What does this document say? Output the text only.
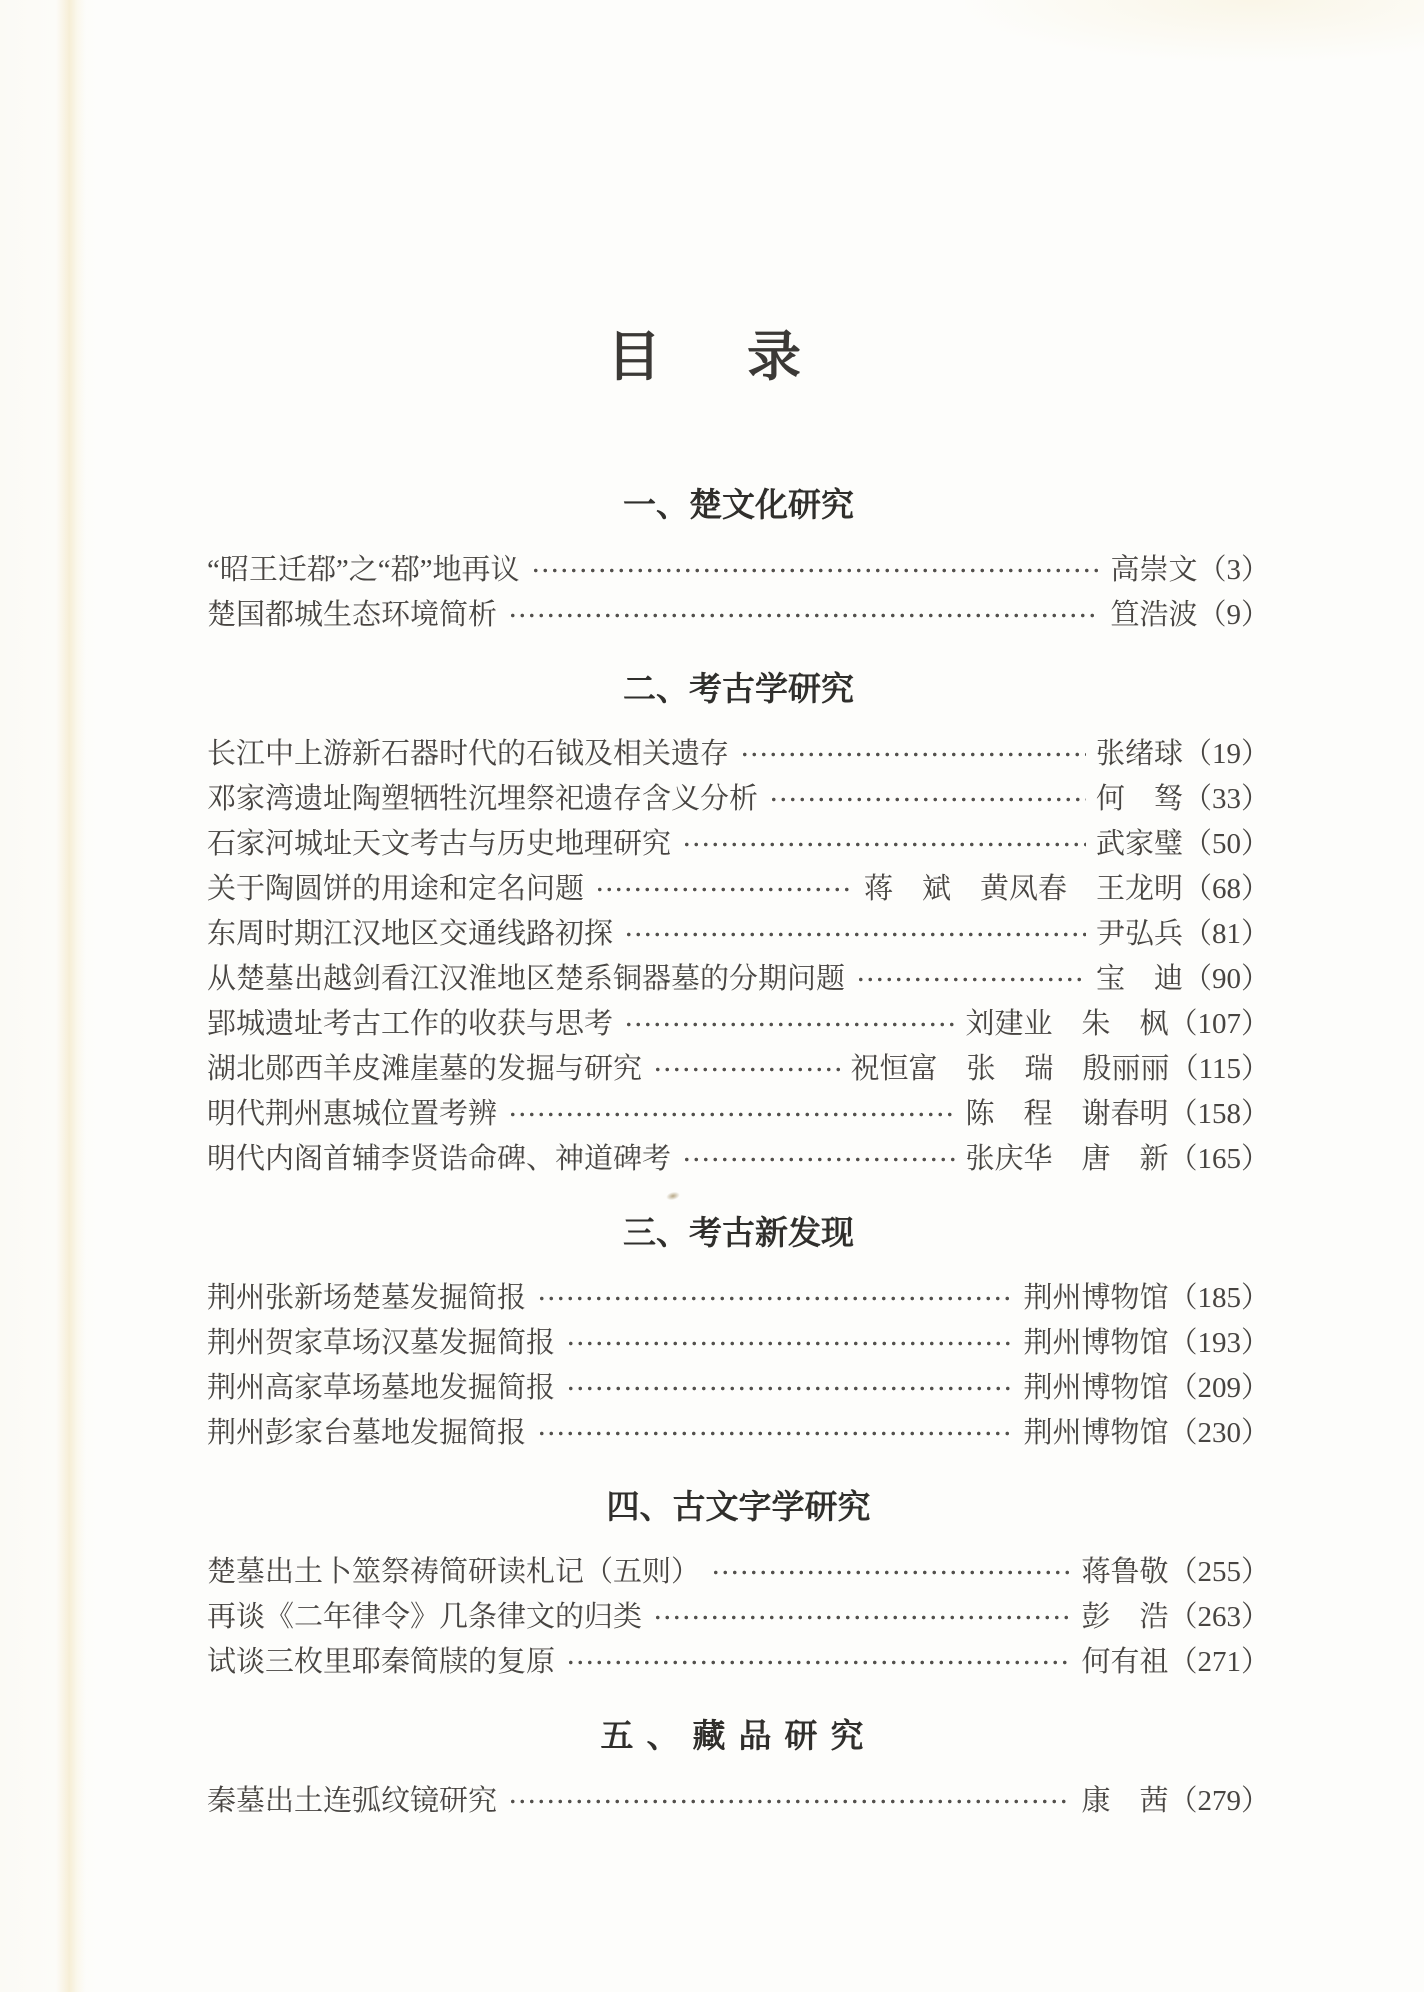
目　录
一、楚文化研究
“昭王迁鄀”之“鄀”地再议	高崇文 （3）
楚国都城生态环境简析	笪浩波 （9）
二、考古学研究
长江中上游新石器时代的石钺及相关遗存	张绪球 （19）
邓家湾遗址陶塑牺牲沉埋祭祀遗存含义分析	何　驽 （33）
石家河城址天文考古与历史地理研究	武家璧 （50）
关于陶圆饼的用途和定名问题	蒋　斌　黄凤春　王龙明 （68）
东周时期江汉地区交通线路初探	尹弘兵 （81）
从楚墓出越剑看江汉淮地区楚系铜器墓的分期问题	宝　迪 （90）
郢城遗址考古工作的收获与思考	刘建业　朱　枫 （107）
湖北郧西羊皮滩崖墓的发掘与研究	祝恒富　张　瑞　殷丽丽 （115）
明代荆州惠城位置考辨	陈　程　谢春明 （158）
明代内阁首辅李贤诰命碑、神道碑考	张庆华　唐　新 （165）
三、考古新发现
荆州张新场楚墓发掘简报	荆州博物馆 （185）
荆州贺家草场汉墓发掘简报	荆州博物馆 （193）
荆州高家草场墓地发掘简报	荆州博物馆 （209）
荆州彭家台墓地发掘简报	荆州博物馆 （230）
四、古文字学研究
楚墓出土卜筮祭祷简研读札记（五则）	蒋鲁敬 （255）
再谈《二年律令》几条律文的归类	彭　浩 （263）
试谈三枚里耶秦简牍的复原	何有祖 （271）
五、藏品研究
秦墓出土连弧纹镜研究	康　茜 （279）
